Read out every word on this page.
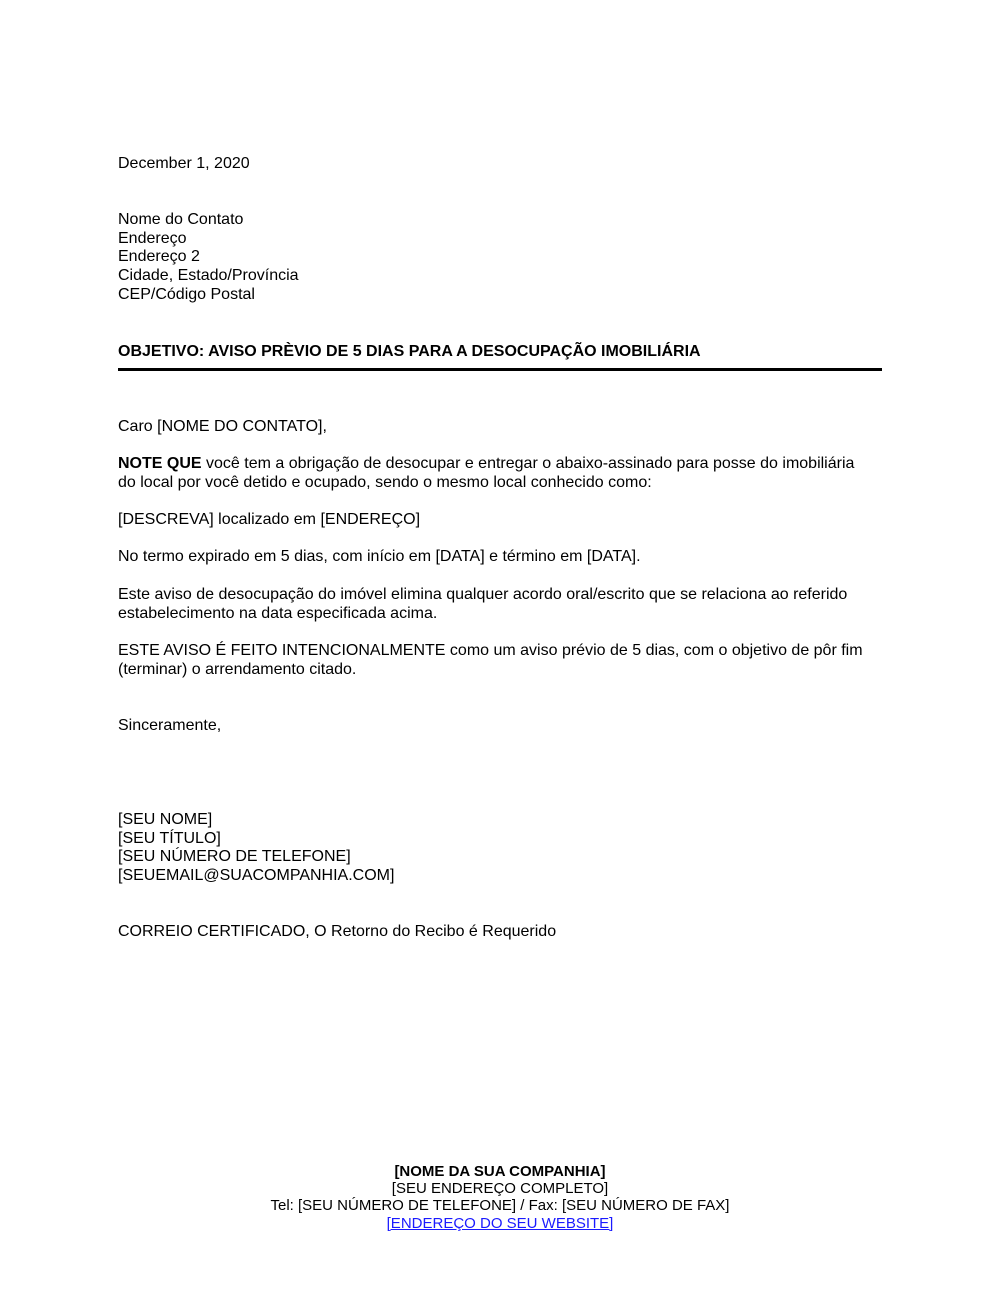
December 1, 2020
Nome do Contato
Endereço
Endereço 2
Cidade, Estado/Província
CEP/Código Postal
OBJETIVO: AVISO PRÈVIO DE 5 DIAS PARA A DESOCUPAÇÃO IMOBILIÁRIA
Caro [NOME DO CONTATO],
NOTE QUE você tem a obrigação de desocupar e entregar o abaixo-assinado para posse do imobiliária
do local por você detido e ocupado, sendo o mesmo local conhecido como:
[DESCREVA] localizado em [ENDEREÇO]
No termo expirado em 5 dias, com início em [DATA] e término em [DATA].
Este aviso de desocupação do imóvel elimina qualquer acordo oral/escrito que se relaciona ao referido
estabelecimento na data especificada acima.
ESTE AVISO É FEITO INTENCIONALMENTE como um aviso prévio de 5 dias, com o objetivo de pôr fim
(terminar) o arrendamento citado.
Sinceramente,
[SEU NOME]
[SEU TÍTULO]
[SEU NÚMERO DE TELEFONE]
[SEUEMAIL@SUACOMPANHIA.COM]
CORREIO CERTIFICADO, O Retorno do Recibo é Requerido
[NOME DA SUA COMPANHIA]
[SEU ENDEREÇO COMPLETO]
Tel: [SEU NÚMERO DE TELEFONE] / Fax: [SEU NÚMERO DE FAX]
[ENDEREÇO DO SEU WEBSITE]
